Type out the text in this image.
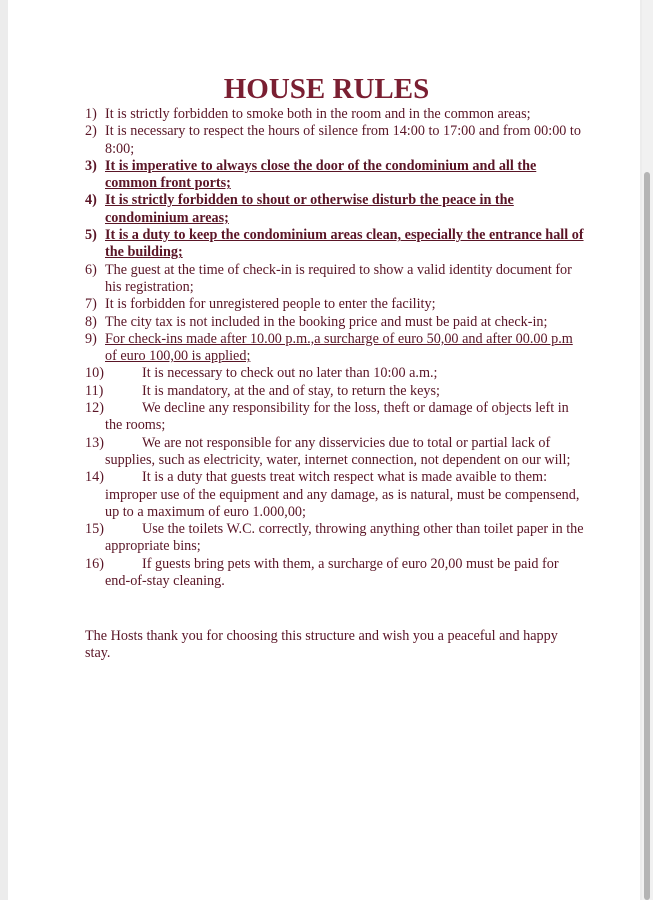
HOUSE RULES
1) It is strictly forbidden to smoke both in the room and in the common areas;
2) It is necessary to respect the hours of silence from 14:00 to 17:00 and from 00:00 to 8:00;
3) It is imperative to always close the door of the condominium and all the common front ports;
4) It is strictly forbidden to shout or otherwise disturb the peace in the condominium areas;
5) It is a duty to keep the condominium areas clean, especially the entrance hall of the building;
6) The guest at the time of check-in is required to show a valid identity document for his registration;
7) It is forbidden for unregistered people to enter the facility;
8) The city tax is not included in the booking price and must be paid at check-in;
9) For check-ins made after 10.00 p.m.,a surcharge of euro 50,00 and after 00.00 p.m of euro 100,00 is applied;
10)	It is necessary to check out no later than 10:00 a.m.;
11)	It is mandatory, at the and of stay, to return the keys;
12)	We decline any responsibility for the loss, theft or damage of objects left in the rooms;
13)	We are not responsible for any disservicies due to total or partial lack of supplies, such as electricity, water, internet connection, not dependent on our will;
14)	It is a duty that guests treat witch respect what is made avaible to them: improper use of the equipment and any damage, as is natural, must be compensend, up to a maximum of euro 1.000,00;
15)	Use the toilets W.C. correctly, throwing anything other than toilet paper in the appropriate bins;
16)	If guests bring pets with them, a surcharge of euro 20,00 must be paid for end-of-stay cleaning.

The Hosts thank you for choosing this structure and wish you a peaceful and happy stay.
